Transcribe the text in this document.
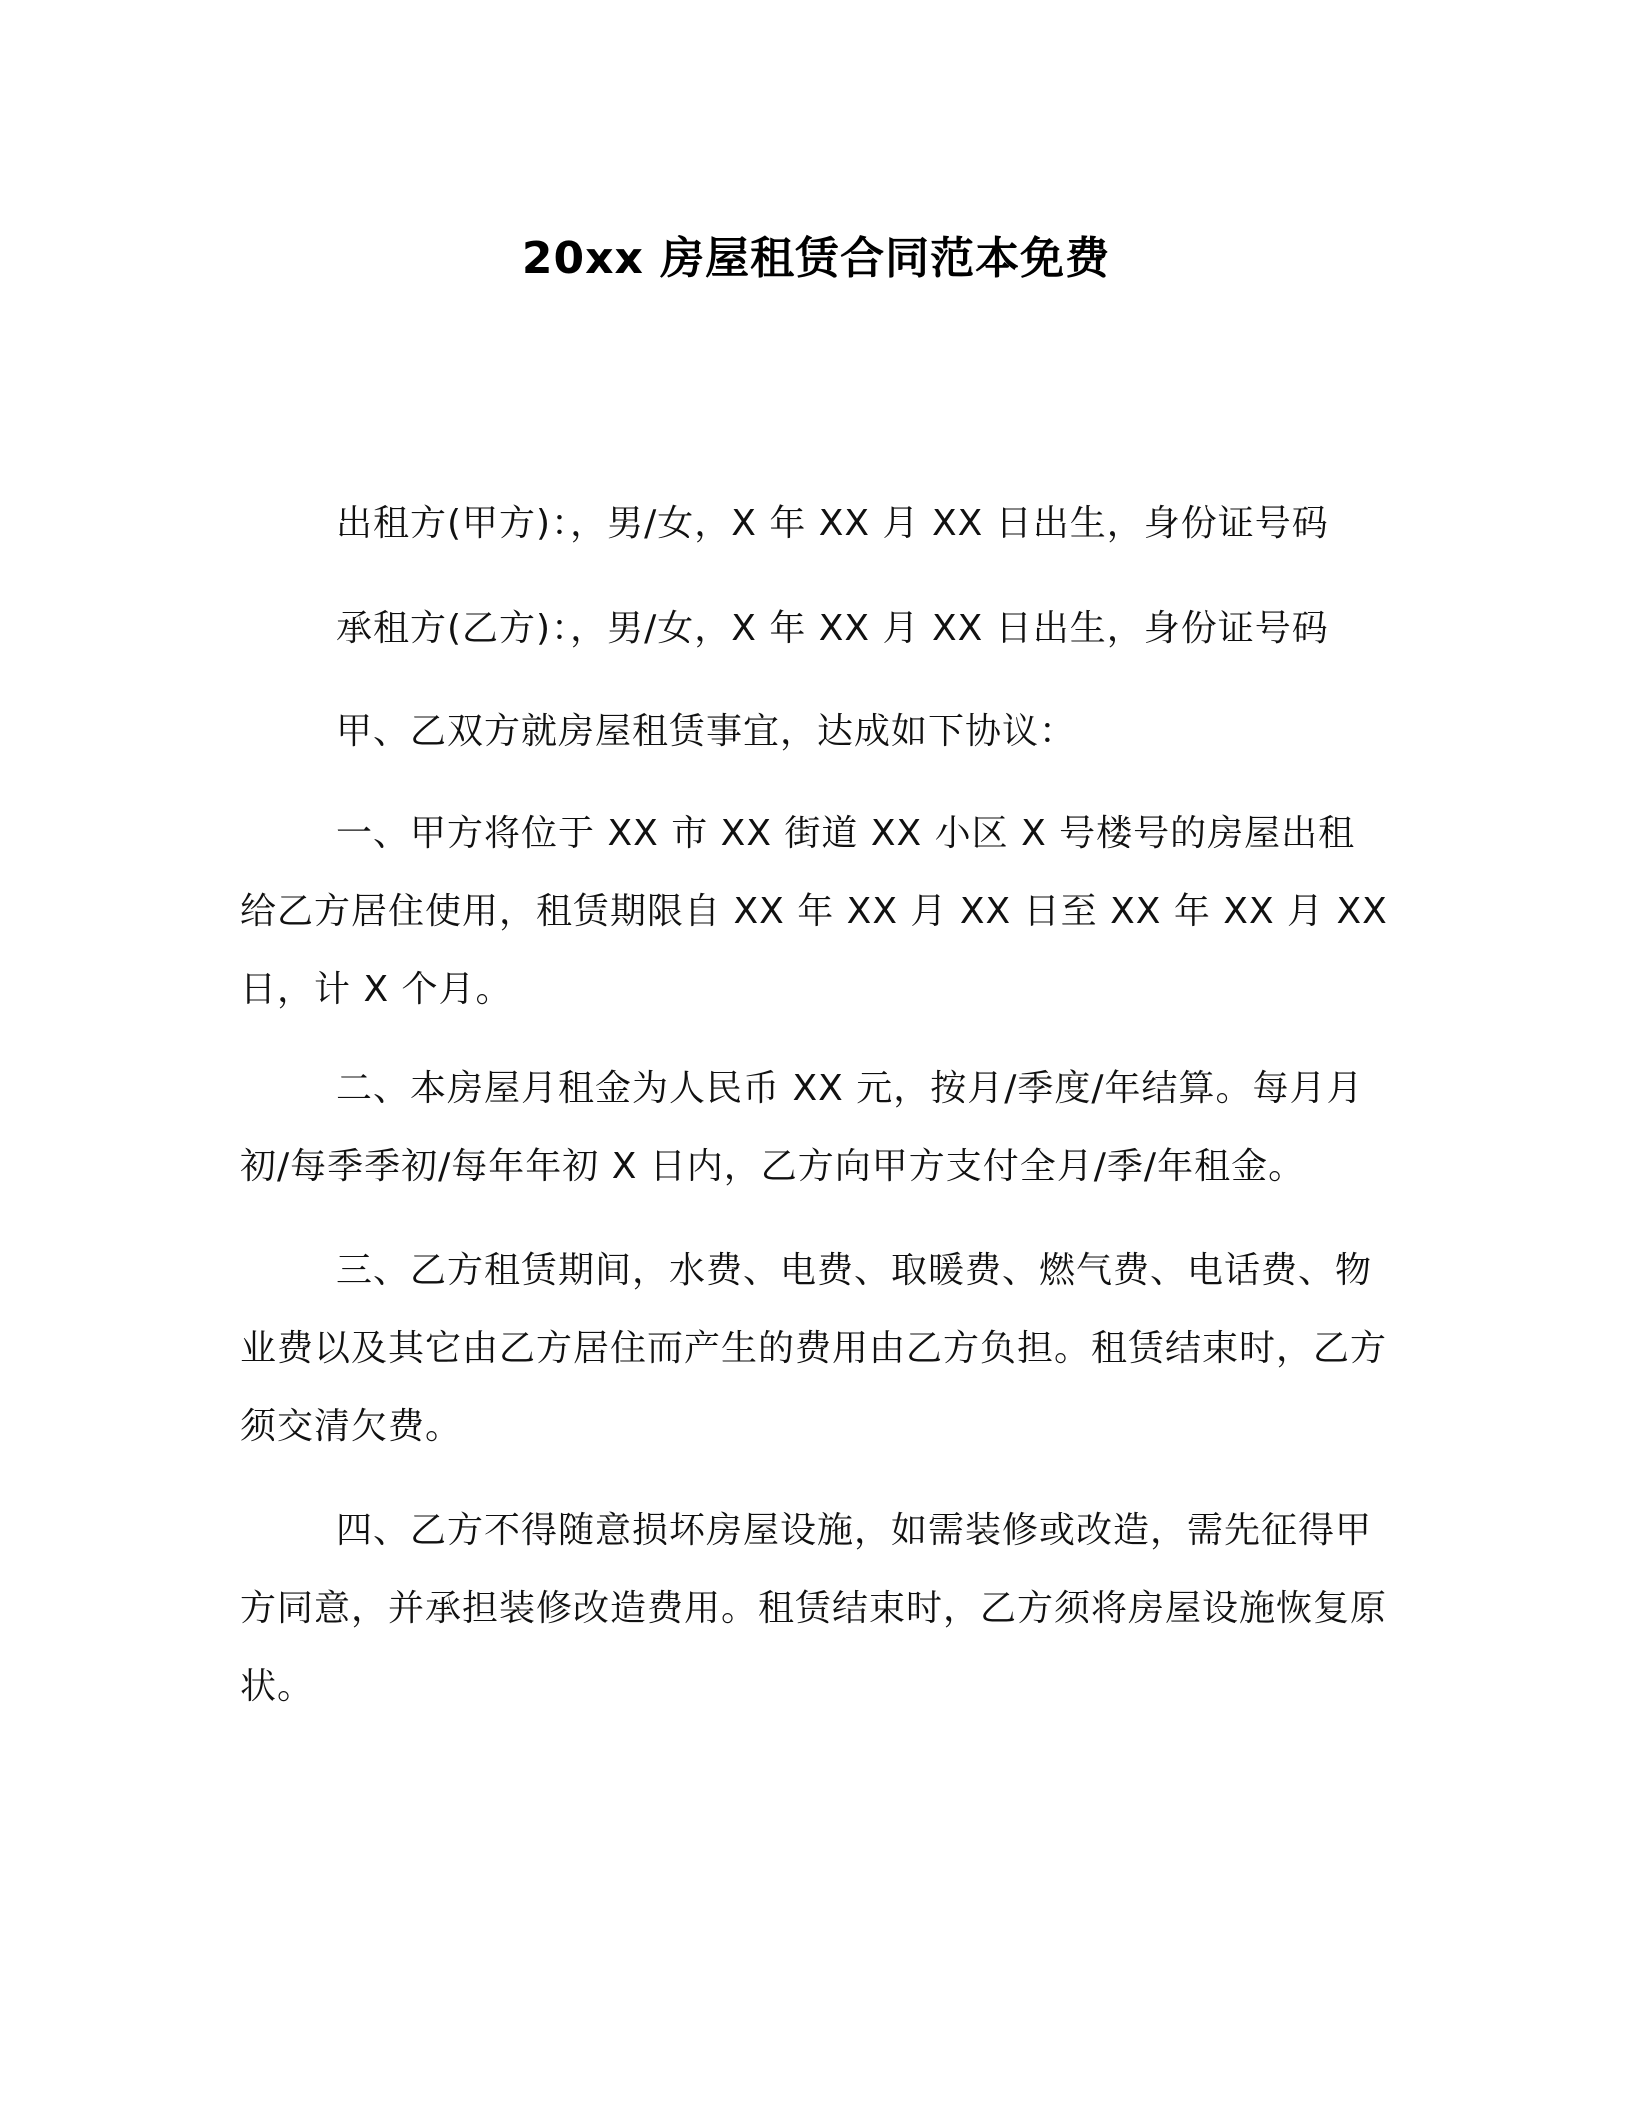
20xx 房屋租赁合同范本免费

出租方(甲方)：，男/女，X 年 XX 月 XX 日出生，身份证号码

承租方(乙方)：，男/女，X 年 XX 月 XX 日出生，身份证号码

甲、乙双方就房屋租赁事宜，达成如下协议：

一、甲方将位于 XX 市 XX 街道 XX 小区 X 号楼号的房屋出租给乙方居住使用，租赁期限自 XX 年 XX 月 XX 日至 XX 年 XX 月 XX 日，计 X 个月。

二、本房屋月租金为人民币 XX 元，按月/季度/年结算。每月月初/每季季初/每年年初 X 日内，乙方向甲方支付全月/季/年租金。

三、乙方租赁期间，水费、电费、取暖费、燃气费、电话费、物业费以及其它由乙方居住而产生的费用由乙方负担。租赁结束时，乙方须交清欠费。

四、乙方不得随意损坏房屋设施，如需装修或改造，需先征得甲方同意，并承担装修改造费用。租赁结束时，乙方须将房屋设施恢复原状。
